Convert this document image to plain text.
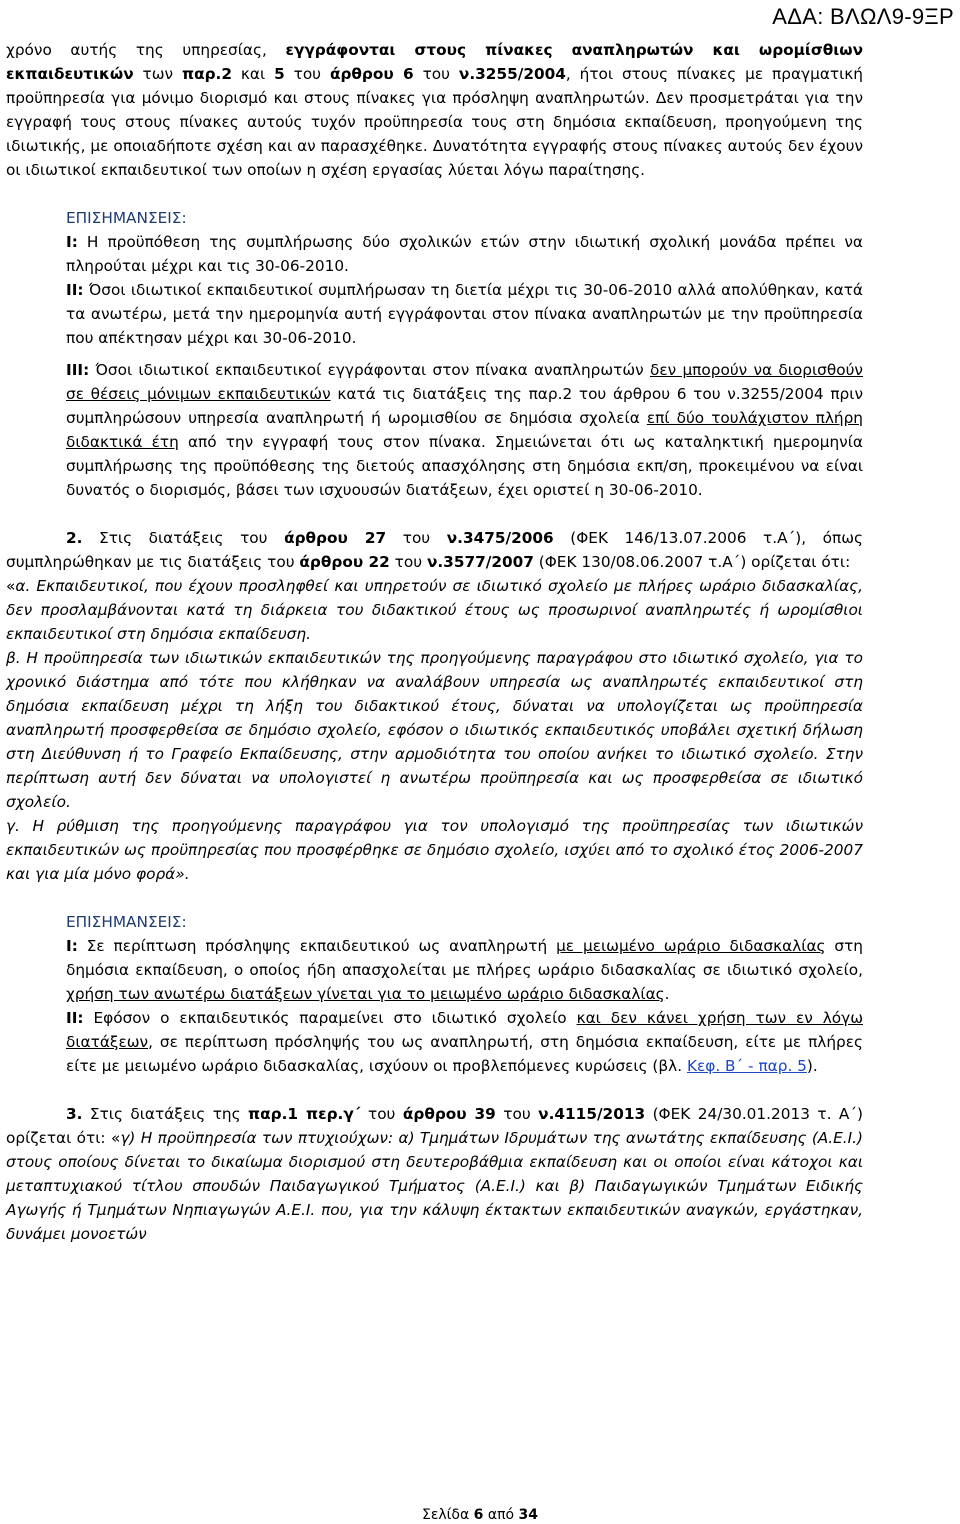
ΑΔΑ: ΒΛΩΛ9-9ΞΡ

χρόνο αυτής της υπηρεσίας, εγγράφονται στους πίνακες αναπληρωτών και ωρομίσθιων εκπαιδευτικών των παρ.2 και 5 του άρθρου 6 του ν.3255/2004, ήτοι στους πίνακες με πραγματική προϋπηρεσία για μόνιμο διορισμό και στους πίνακες για πρόσληψη αναπληρωτών. Δεν προσμετράται για την εγγραφή τους στους πίνακες αυτούς τυχόν προϋπηρεσία τους στη δημόσια εκπαίδευση, προηγούμενη της ιδιωτικής, με οποιαδήποτε σχέση και αν παρασχέθηκε. Δυνατότητα εγγραφής στους πίνακες αυτούς δεν έχουν οι ιδιωτικοί εκπαιδευτικοί των οποίων η σχέση εργασίας λύεται λόγω παραίτησης.

ΕΠΙΣΗΜΑΝΣΕΙΣ:

Ι: Η προϋπόθεση της συμπλήρωσης δύο σχολικών ετών στην ιδιωτική σχολική μονάδα πρέπει να πληρούται μέχρι και τις 30-06-2010.

ΙΙ: Όσοι ιδιωτικοί εκπαιδευτικοί συμπλήρωσαν τη διετία μέχρι τις 30-06-2010 αλλά απολύθηκαν, κατά τα ανωτέρω, μετά την ημερομηνία αυτή εγγράφονται στον πίνακα αναπληρωτών με την προϋπηρεσία που απέκτησαν μέχρι και 30-06-2010.

ΙΙΙ: Όσοι ιδιωτικοί εκπαιδευτικοί εγγράφονται στον πίνακα αναπληρωτών δεν μπορούν να διορισθούν σε θέσεις μόνιμων εκπαιδευτικών κατά τις διατάξεις της παρ.2 του άρθρου 6 του ν.3255/2004 πριν συμπληρώσουν υπηρεσία αναπληρωτή ή ωρομισθίου σε δημόσια σχολεία επί δύο τουλάχιστον πλήρη διδακτικά έτη από την εγγραφή τους στον πίνακα. Σημειώνεται ότι ως καταληκτική ημερομηνία συμπλήρωσης της προϋπόθεσης της διετούς απασχόλησης στη δημόσια εκπ/ση, προκειμένου να είναι δυνατός ο διορισμός, βάσει των ισχυουσών διατάξεων, έχει οριστεί η 30-06-2010.

2. Στις διατάξεις του άρθρου 27 του ν.3475/2006 (ΦΕΚ 146/13.07.2006 τ.Α΄), όπως συμπληρώθηκαν με τις διατάξεις του άρθρου 22 του ν.3577/2007 (ΦΕΚ 130/08.06.2007 τ.Α΄) ορίζεται ότι:

«α. Εκπαιδευτικοί, που έχουν προσληφθεί και υπηρετούν σε ιδιωτικό σχολείο με πλήρες ωράριο διδασκαλίας, δεν προσλαμβάνονται κατά τη διάρκεια του διδακτικού έτους ως προσωρινοί αναπληρωτές ή ωρομίσθιοι εκπαιδευτικοί στη δημόσια εκπαίδευση.

β. Η προϋπηρεσία των ιδιωτικών εκπαιδευτικών της προηγούμενης παραγράφου στο ιδιωτικό σχολείο, για το χρονικό διάστημα από τότε που κλήθηκαν να αναλάβουν υπηρεσία ως αναπληρωτές εκπαιδευτικοί στη δημόσια εκπαίδευση μέχρι τη λήξη του διδακτικού έτους, δύναται να υπολογίζεται ως προϋπηρεσία αναπληρωτή προσφερθείσα σε δημόσιο σχολείο, εφόσον ο ιδιωτικός εκπαιδευτικός υποβάλει σχετική δήλωση στη Διεύθυνση ή το Γραφείο Εκπαίδευσης, στην αρμοδιότητα του οποίου ανήκει το ιδιωτικό σχολείο. Στην περίπτωση αυτή δεν δύναται να υπολογιστεί η ανωτέρω προϋπηρεσία και ως προσφερθείσα σε ιδιωτικό σχολείο.

γ. Η ρύθμιση της προηγούμενης παραγράφου για τον υπολογισμό της προϋπηρεσίας των ιδιωτικών εκπαιδευτικών ως προϋπηρεσίας που προσφέρθηκε σε δημόσιο σχολείο, ισχύει από το σχολικό έτος 2006-2007 και για μία μόνο φορά».

ΕΠΙΣΗΜΑΝΣΕΙΣ:

Ι: Σε περίπτωση πρόσληψης εκπαιδευτικού ως αναπληρωτή με μειωμένο ωράριο διδασκαλίας στη δημόσια εκπαίδευση, ο οποίος ήδη απασχολείται με πλήρες ωράριο διδασκαλίας σε ιδιωτικό σχολείο, χρήση των ανωτέρω διατάξεων γίνεται για το μειωμένο ωράριο διδασκαλίας.

ΙΙ: Εφόσον ο εκπαιδευτικός παραμείνει στο ιδιωτικό σχολείο και δεν κάνει χρήση των εν λόγω διατάξεων, σε περίπτωση πρόσληψής του ως αναπληρωτή, στη δημόσια εκπαίδευση, είτε με πλήρες είτε με μειωμένο ωράριο διδασκαλίας, ισχύουν οι προβλεπόμενες κυρώσεις (βλ. Κεφ. Β΄ - παρ. 5).

3. Στις διατάξεις της παρ.1 περ.γ΄ του άρθρου 39 του ν.4115/2013 (ΦΕΚ 24/30.01.2013 τ. Α΄) ορίζεται ότι: «γ) Η προϋπηρεσία των πτυχιούχων: α) Τμημάτων Ιδρυμάτων της ανωτάτης εκπαίδευσης (Α.Ε.Ι.) στους οποίους δίνεται το δικαίωμα διορισμού στη δευτεροβάθμια εκπαίδευση και οι οποίοι είναι κάτοχοι και μεταπτυχιακού τίτλου σπουδών Παιδαγωγικού Τμήματος (Α.Ε.Ι.) και β) Παιδαγωγικών Τμημάτων Ειδικής Αγωγής ή Τμημάτων Νηπιαγωγών Α.Ε.Ι. που, για την κάλυψη έκτακτων εκπαιδευτικών αναγκών, εργάστηκαν, δυνάμει μονοετών

Σελίδα 6 από 34
